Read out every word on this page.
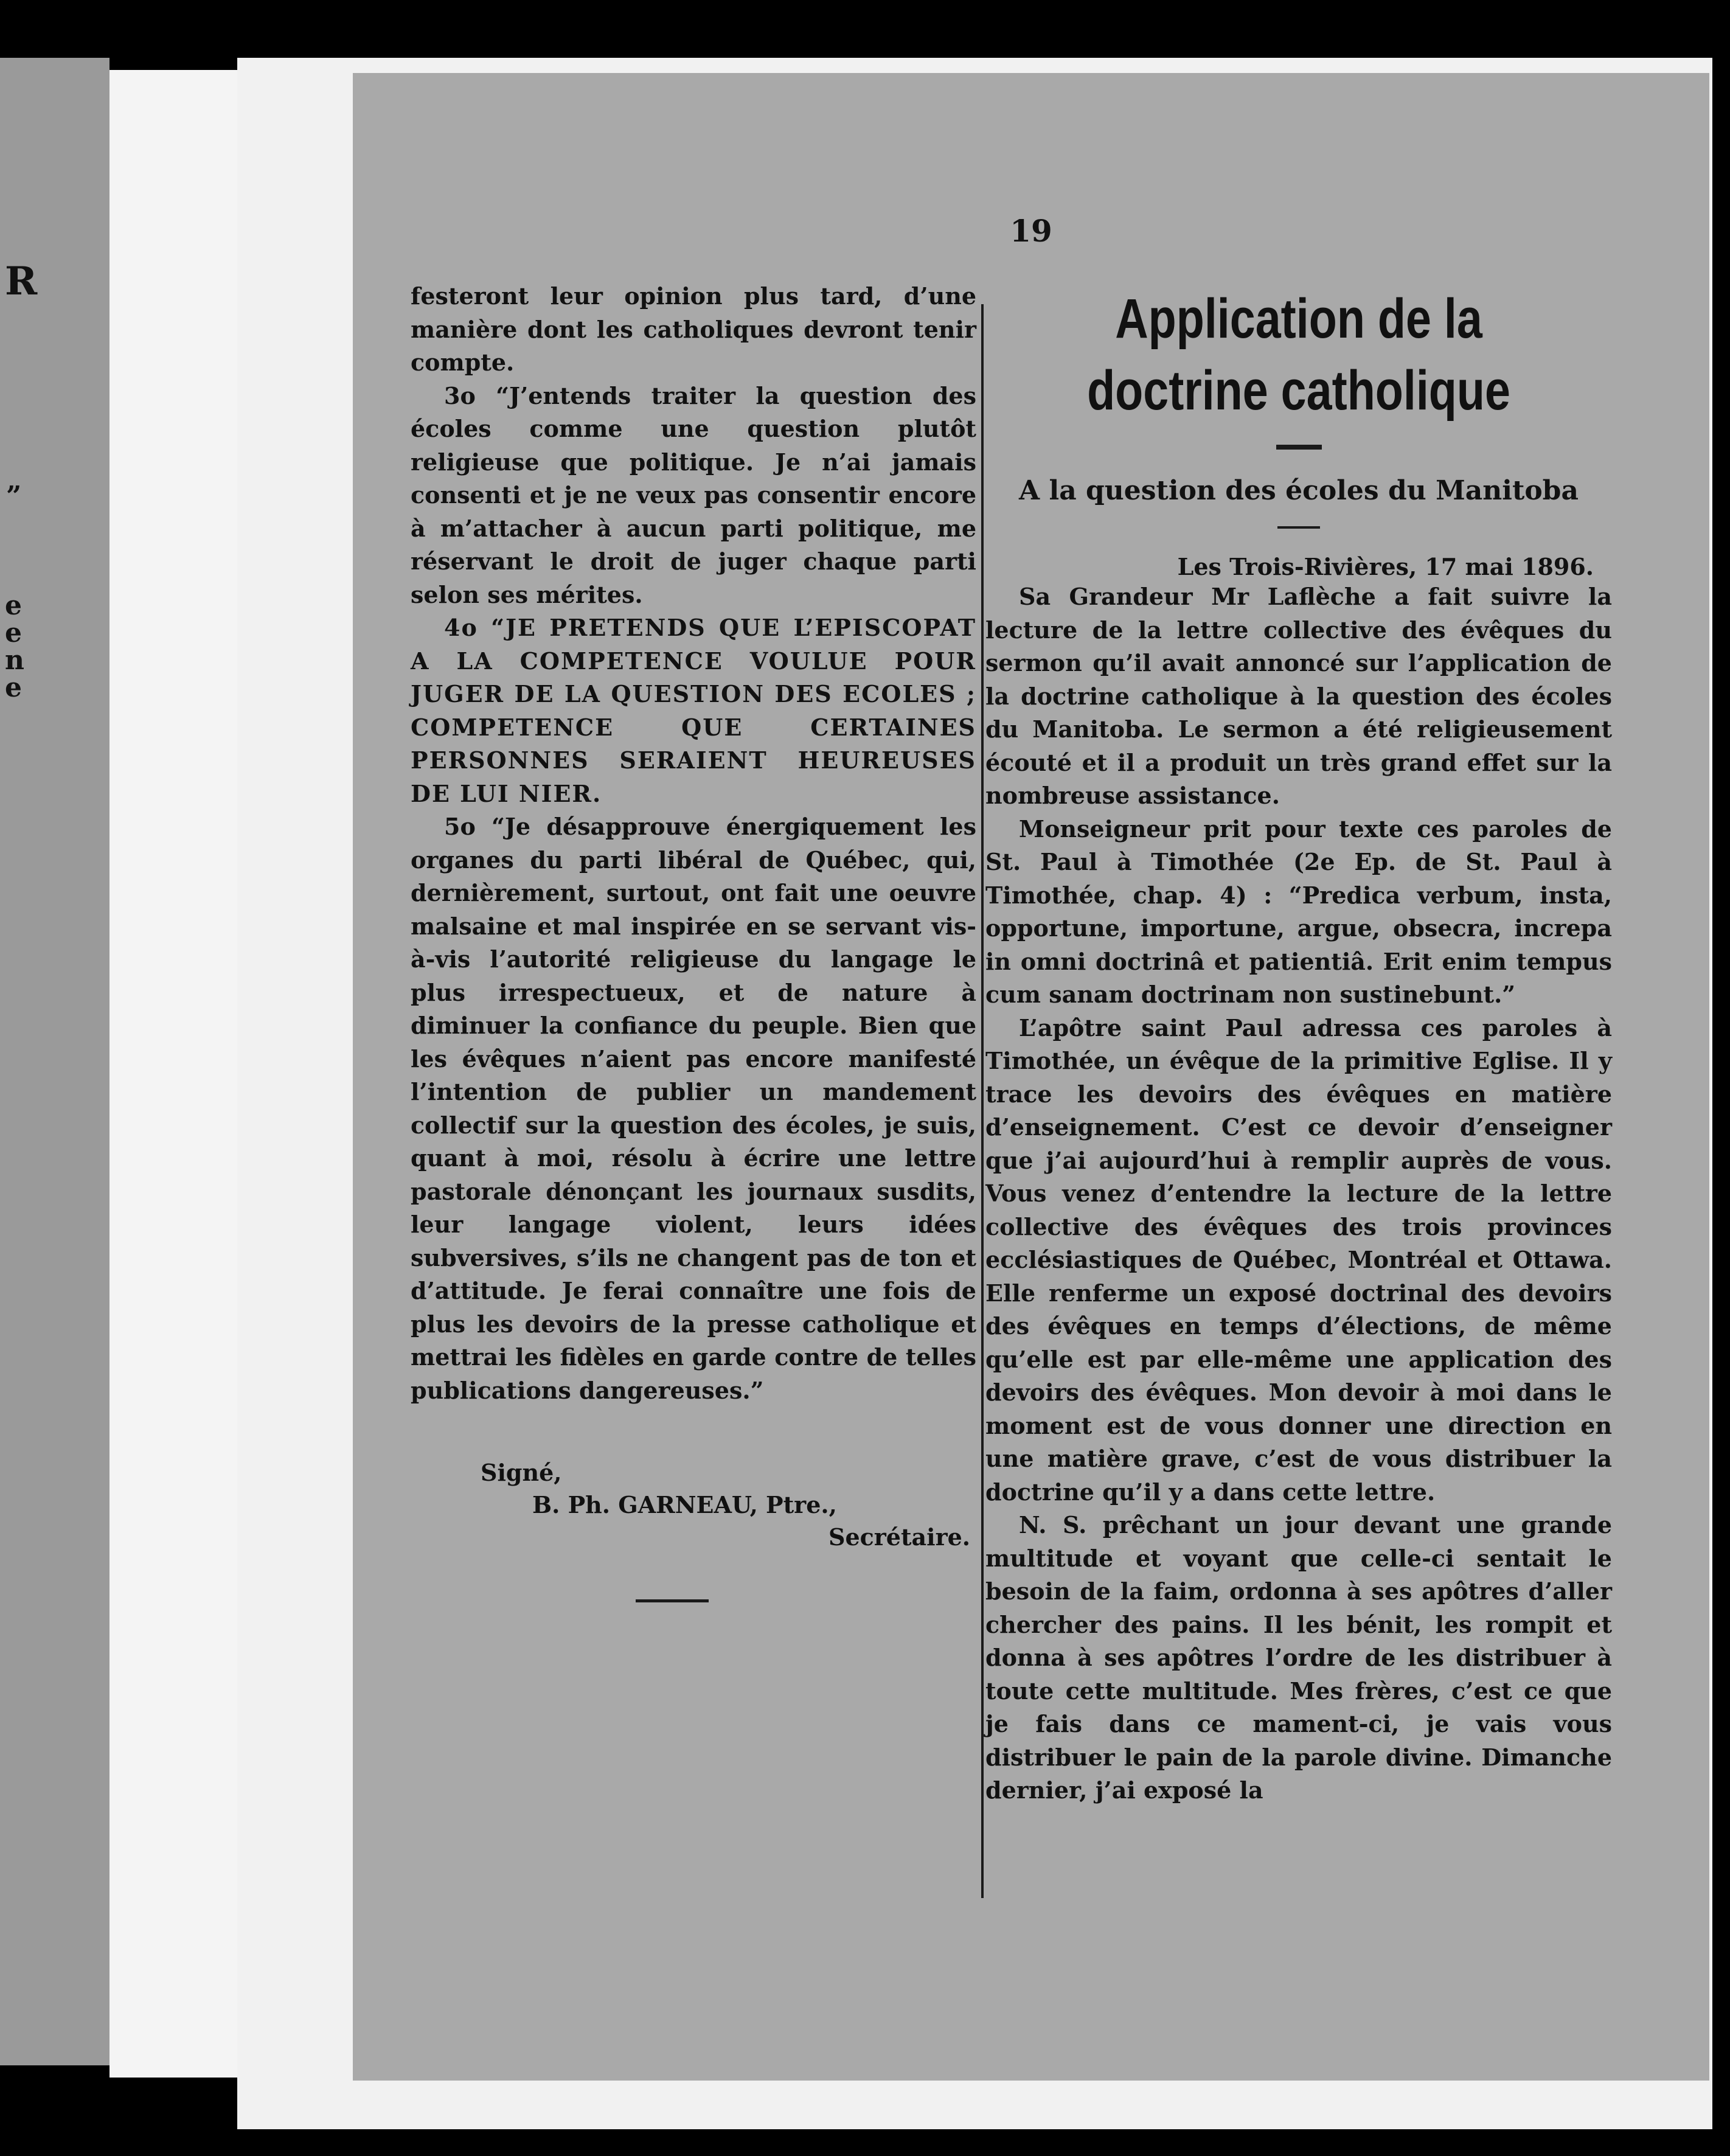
R
”
e
e
n
e
19

festeront leur opinion plus tard, d’une manière dont les catholiques devront tenir compte.

3o “J’entends traiter la question des écoles comme une question plutôt religieuse que politique. Je n’ai jamais consenti et je ne veux pas consentir encore à m’attacher à aucun parti politique, me réservant le droit de juger chaque parti selon ses mérites.

4o “JE PRETENDS QUE L’EPISCOPAT A LA COMPETENCE VOULUE POUR JUGER DE LA QUESTION DES ECOLES ; COMPETENCE QUE CERTAINES PERSONNES SERAIENT HEUREUSES DE LUI NIER.

5o “Je désapprouve énergiquement les organes du parti libéral de Québec, qui, dernièrement, surtout, ont fait une oeuvre malsaine et mal inspirée en se servant vis-à-vis l’autorité religieuse du langage le plus irrespectueux, et de nature à diminuer la confiance du peuple. Bien que les évêques n’aient pas encore manifesté l’intention de publier un mandement collectif sur la question des écoles, je suis, quant à moi, résolu à écrire une lettre pastorale dénonçant les journaux susdits, leur langage violent, leurs idées subversives, s’ils ne changent pas de ton et d’attitude. Je ferai connaître une fois de plus les devoirs de la presse catholique et mettrai les fidèles en garde contre de telles publications dangereuses.”

Signé,
B. Ph. GARNEAU, Ptre.,
Secrétaire.
Application de la doctrine catholique
A la question des écoles du Manitoba
Les Trois-Rivières, 17 mai 1896.

Sa Grandeur Mr Laflèche a fait suivre la lecture de la lettre collective des évêques du sermon qu’il avait annoncé sur l’application de la doctrine catholique à la question des écoles du Manitoba. Le sermon a été religieusement écouté et il a produit un très grand effet sur la nombreuse assistance.

Monseigneur prit pour texte ces paroles de St. Paul à Timothée (2e Ep. de St. Paul à Timothée, chap. 4) : “Predica verbum, insta, opportune, importune, argue, obsecra, increpa in omni doctrinâ et patientiâ. Erit enim tempus cum sanam doctrinam non sustinebunt.”

L’apôtre saint Paul adressa ces paroles à Timothée, un évêque de la primitive Eglise. Il y trace les devoirs des évêques en matière d’enseignement. C’est ce devoir d’enseigner que j’ai aujourd’hui à remplir auprès de vous. Vous venez d’entendre la lecture de la lettre collective des évêques des trois provinces ecclésiastiques de Québec, Montréal et Ottawa. Elle renferme un exposé doctrinal des devoirs des évêques en temps d’élections, de même qu’elle est par elle-même une application des devoirs des évêques. Mon devoir à moi dans le moment est de vous donner une direction en une matière grave, c’est de vous distribuer la doctrine qu’il y a dans cette lettre.

N. S. prêchant un jour devant une grande multitude et voyant que celle-ci sentait le besoin de la faim, ordonna à ses apôtres d’aller chercher des pains. Il les bénit, les rompit et donna à ses apôtres l’ordre de les distribuer à toute cette multitude. Mes frères, c’est ce que je fais dans ce mament-ci, je vais vous distribuer le pain de la parole divine. Dimanche dernier, j’ai exposé la
